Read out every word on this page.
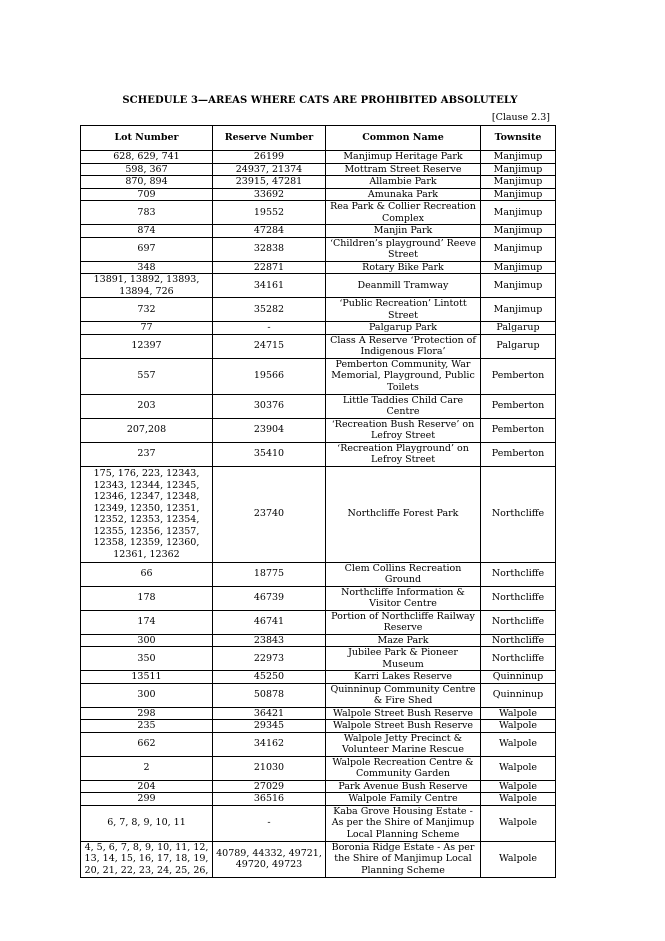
SCHEDULE 3—AREAS WHERE CATS ARE PROHIBITED ABSOLUTELY
[Clause 2.3]
Lot Number	Reserve Number	Common Name	Townsite
628, 629, 741	26199	Manjimup Heritage Park	Manjimup
598, 367	24937, 21374	Mottram Street Reserve	Manjimup
870, 894	23915, 47281	Allambie Park	Manjimup
709	33692	Amunaka Park	Manjimup
783	19552	Rea Park & Collier Recreation Complex	Manjimup
874	47284	Manjin Park	Manjimup
697	32838	‘Children’s playground’ Reeve Street	Manjimup
348	22871	Rotary Bike Park	Manjimup
13891, 13892, 13893, 13894, 726	34161	Deanmill Tramway	Manjimup
732	35282	‘Public Recreation’ Lintott Street	Manjimup
77	-	Palgarup Park	Palgarup
12397	24715	Class A Reserve ‘Protection of Indigenous Flora’	Palgarup
557	19566	Pemberton Community, War Memorial, Playground, Public Toilets	Pemberton
203	30376	Little Taddies Child Care Centre	Pemberton
207,208	23904	‘Recreation Bush Reserve’ on Lefroy Street	Pemberton
237	35410	‘Recreation Playground’ on Lefroy Street	Pemberton
175, 176, 223, 12343, 12343, 12344, 12345, 12346, 12347, 12348, 12349, 12350, 12351, 12352, 12353, 12354, 12355, 12356, 12357, 12358, 12359, 12360, 12361, 12362	23740	Northcliffe Forest Park	Northcliffe
66	18775	Clem Collins Recreation Ground	Northcliffe
178	46739	Northcliffe Information & Visitor Centre	Northcliffe
174	46741	Portion of Northcliffe Railway Reserve	Northcliffe
300	23843	Maze Park	Northcliffe
350	22973	Jubilee Park & Pioneer Museum	Northcliffe
13511	45250	Karri Lakes Reserve	Quinninup
300	50878	Quinninup Community Centre & Fire Shed	Quinninup
298	36421	Walpole Street Bush Reserve	Walpole
235	29345	Walpole Street Bush Reserve	Walpole
662	34162	Walpole Jetty Precinct & Volunteer Marine Rescue	Walpole
2	21030	Walpole Recreation Centre & Community Garden	Walpole
204	27029	Park Avenue Bush Reserve	Walpole
299	36516	Walpole Family Centre	Walpole
6, 7, 8, 9, 10, 11	-	Kaba Grove Housing Estate - As per the Shire of Manjimup Local Planning Scheme	Walpole
4, 5, 6, 7, 8, 9, 10, 11, 12, 13, 14, 15, 16, 17, 18, 19, 20, 21, 22, 23, 24, 25, 26,	40789, 44332, 49721, 49720, 49723	Boronia Ridge Estate - As per the Shire of Manjimup Local Planning Scheme	Walpole
